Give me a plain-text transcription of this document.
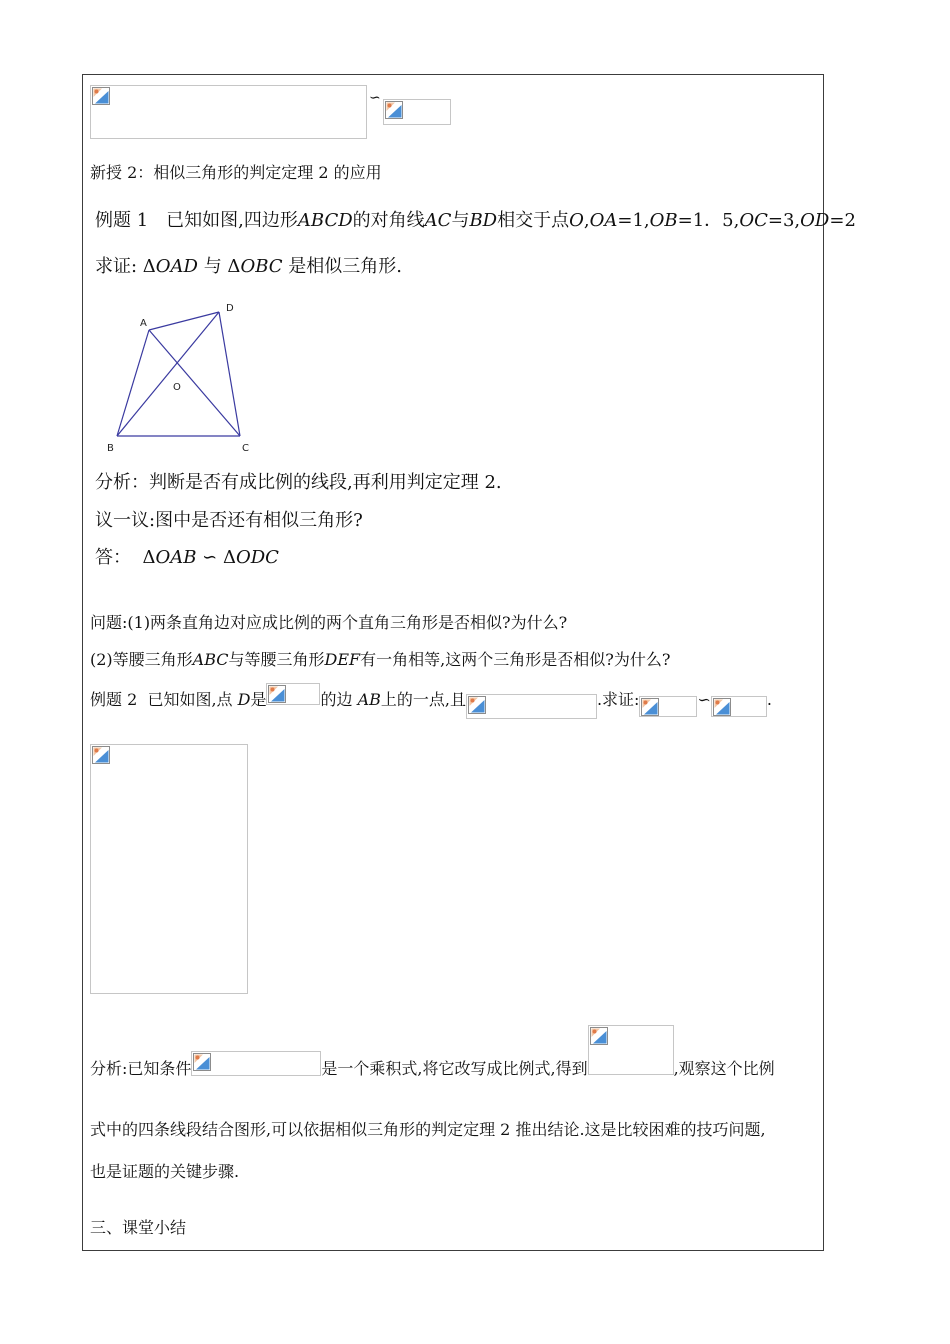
∽
新授 2：相似三角形的判定定理 2 的应用
例题 1　已知如图,四边形ABCD的对角线AC与BD相交于点O,OA=1,OB=1．5,OC=3,OD=2
求证: ΔOAD 与 ΔOBC 是相似三角形.
A
D
O
B	C
分析：判断是否有成比例的线段,再利用判定定理 2.
议一议:图中是否还有相似三角形?
答：  ΔOAB ∽ ΔODC
问题:(1)两条直角边对应成比例的两个直角三角形是否相似?为什么?
(2)等腰三角形ABC与等腰三角形DEF有一角相等,这两个三角形是否相似?为什么?
例题 2  已知如图,点 D是	的边 AB上的一点,且	.求证:	∽	.
分析:已知条件	是一个乘积式,将它改写成比例式,得到	,观察这个比例
式中的四条线段结合图形,可以依据相似三角形的判定定理 2 推出结论.这是比较困难的技巧问题,
也是证题的关键步骤.
三、课堂小结
